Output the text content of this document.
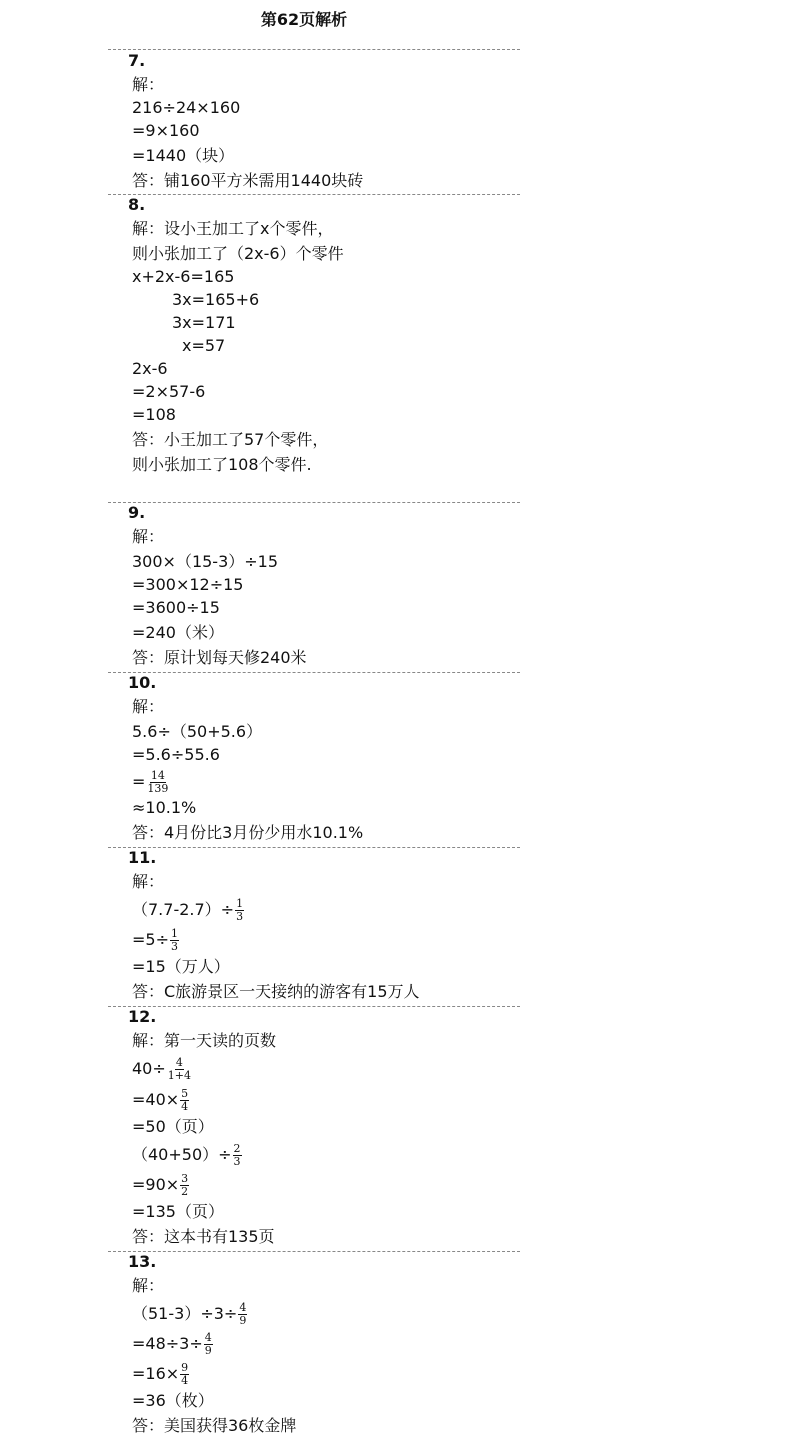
第62页解析
7.
解：
216÷24×160
=9×160
=1440（块）
答：铺160平方米需用1440块砖
8.
解：设小王加工了x个零件，
则小张加工了（2x-6）个零件
x+2x-6=165
3x=165+6
3x=171
x=57
2x-6
=2×57-6
=108
答：小王加工了57个零件，
则小张加工了108个零件.
9.
解：
300×（15-3）÷15
=300×12÷15
=3600÷15
=240（米）
答：原计划每天修240米
10.
解：
5.6÷（50+5.6）
=5.6÷55.6
= $\frac{14}{139}$
≈10.1%
答：4月份比3月份少用水10.1%
11.
解：
$(7.7-2.7)\div \frac{1}{3}$
$=5\div \frac{1}{3}$
=15（万人）
答：C旅游景区一天接纳的游客有15万人
12.
解：第一天读的页数
$40\div \frac{4}{1+4}$
$=40\times \frac{5}{4}$
=50（页）
$(40+50)\div \frac{2}{3}$
$=90\times \frac{3}{2}$
=135（页）
答：这本书有135页
13.
解：
$(51-3)\div 3\div \frac{4}{9}$
$=48\div 3\div \frac{4}{9}$
$=16\times \frac{9}{4}$
=36（枚）
答：美国获得36枚金牌
